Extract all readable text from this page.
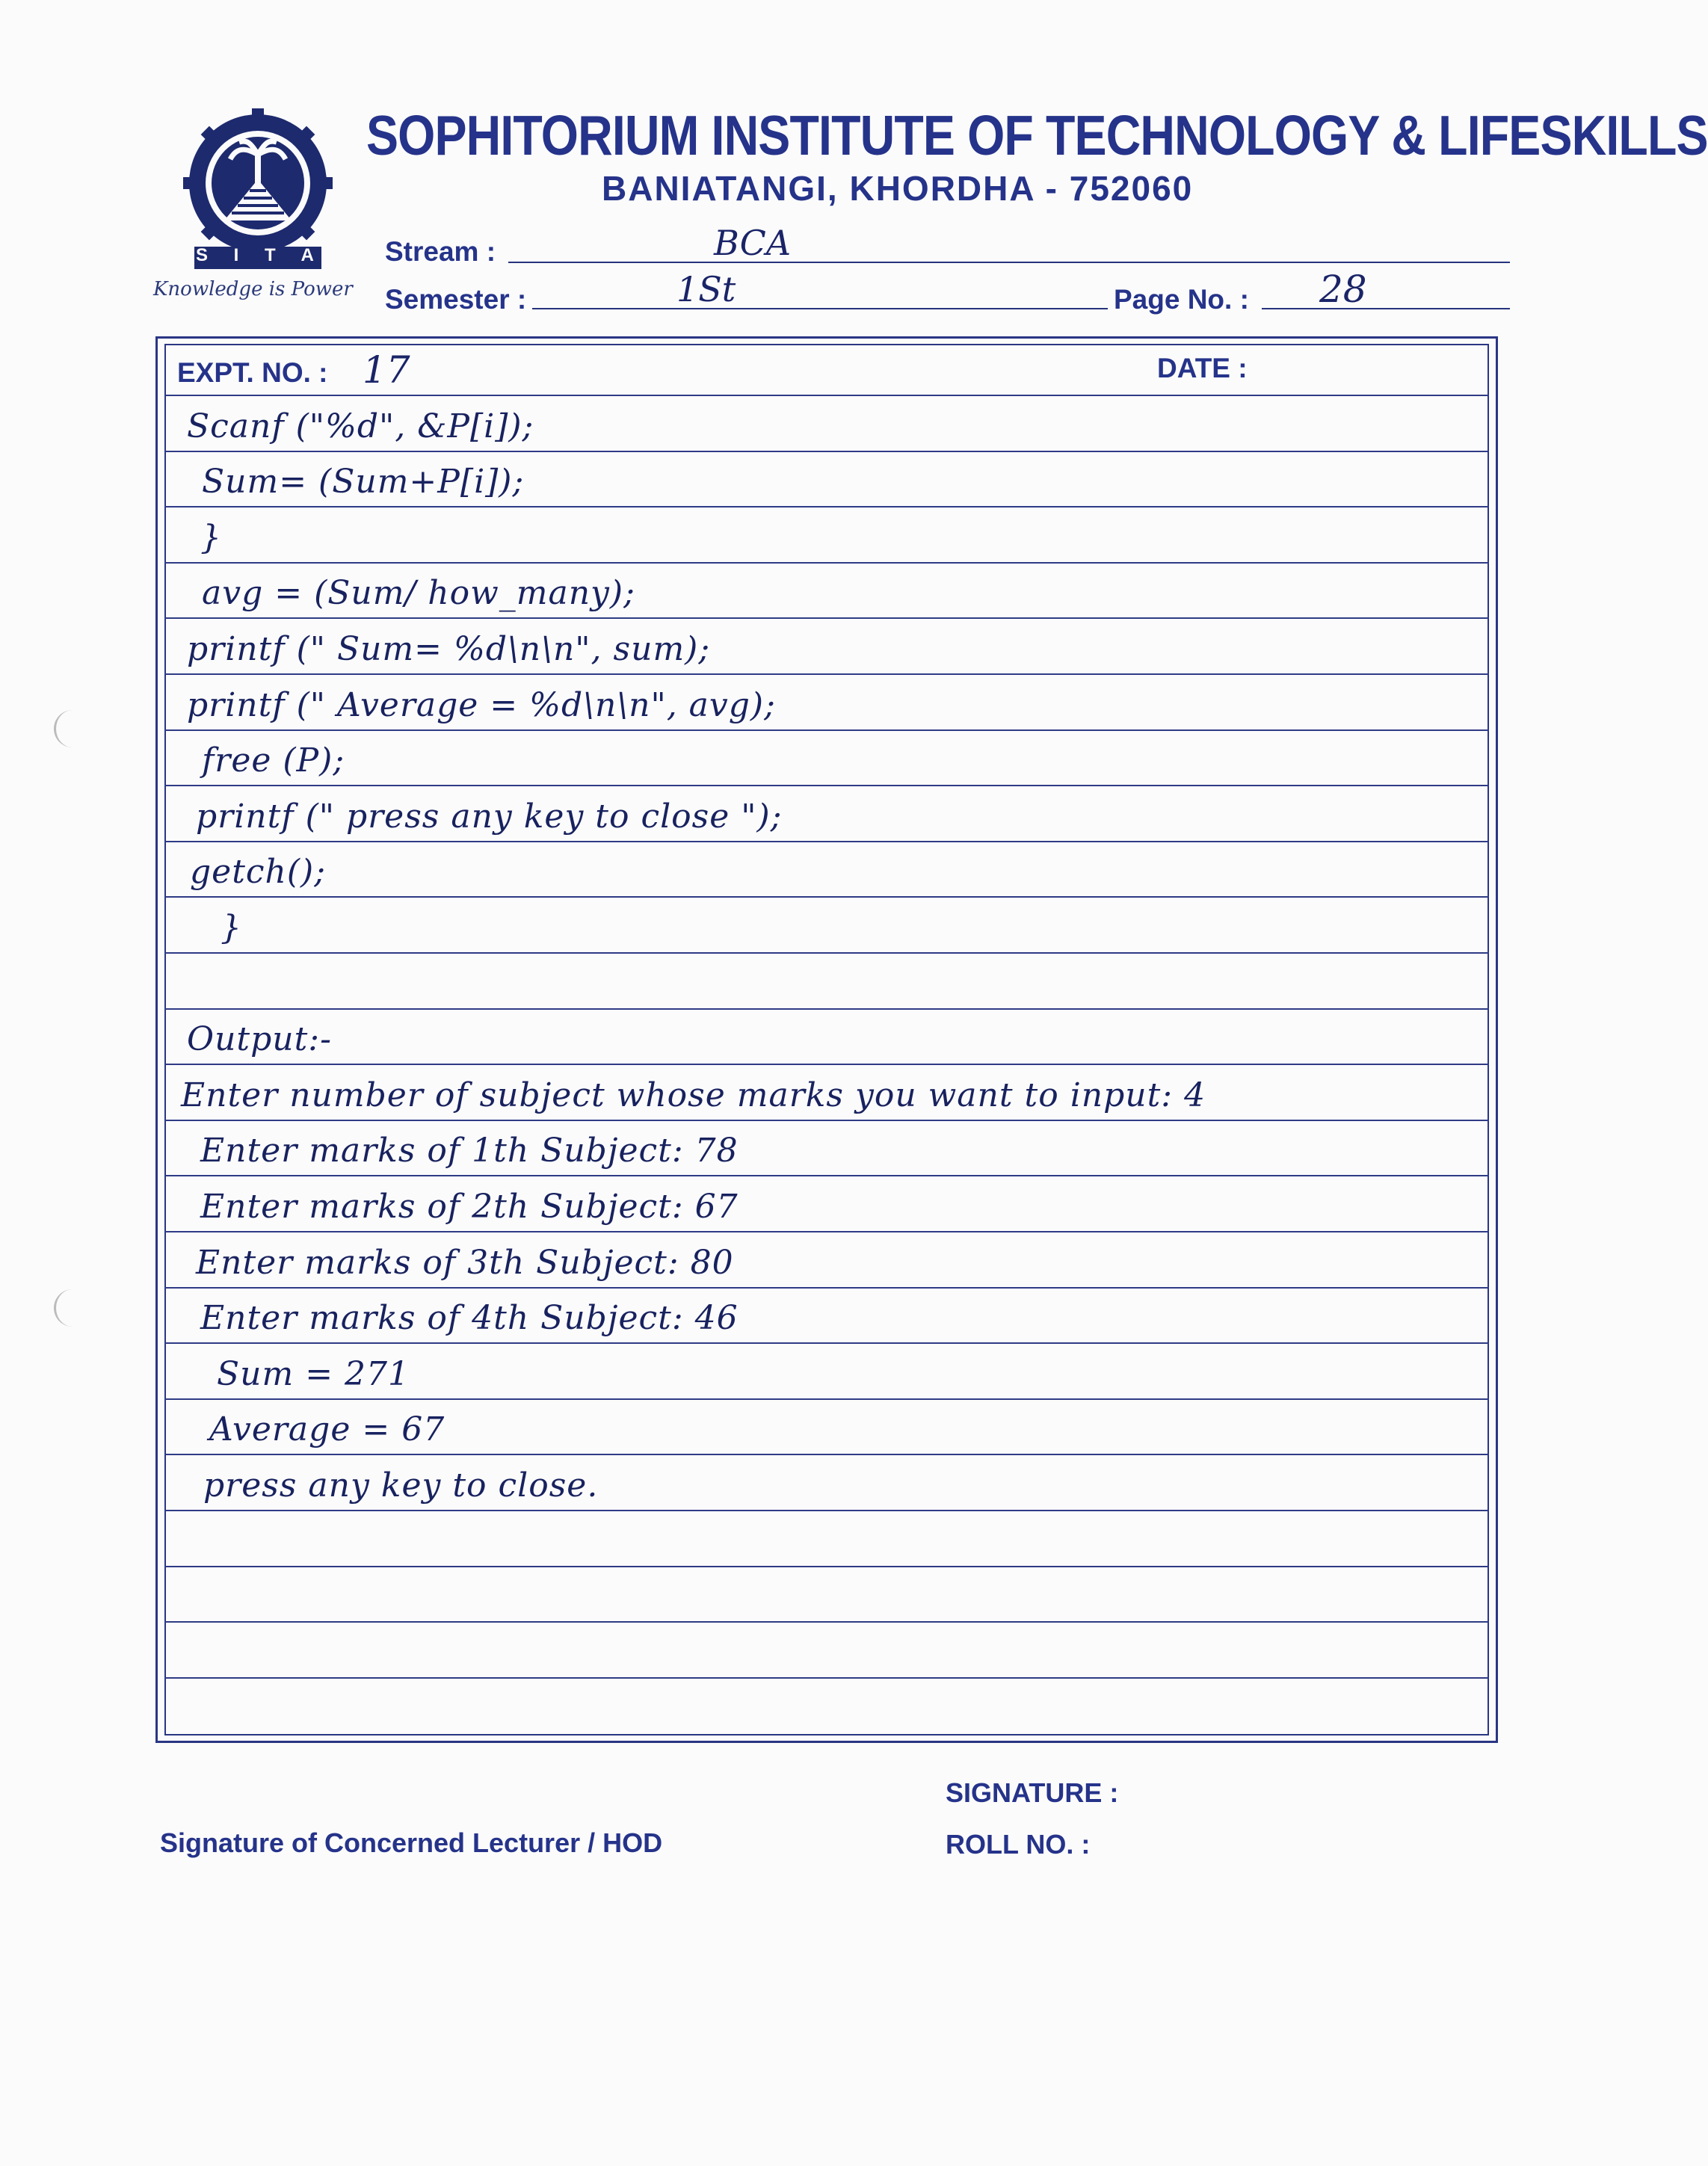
S I T A L
Knowledge is Power
SOPHITORIUM INSTITUTE OF TECHNOLOGY & LIFESKILLS
BANIATANGI, KHORDHA - 752060
Stream :	BCA
Semester :	1St	Page No. : 28
EXPT. NO. : 17	DATE :
Scanf ("%d", &P[i]);
Sum= (Sum+P[i]);
}
avg = (Sum/ how_many);
printf (" Sum= %d\n\n", sum);
printf (" Average = %d\n\n", avg);
free (P);
printf (" press any key to close ");
getch();
}
Output:-
Enter number of subject whose marks you want to input: 4
Enter marks of 1th Subject: 78
Enter marks of 2th Subject: 67
Enter marks of 3th Subject: 80
Enter marks of 4th Subject: 46
Sum = 271
Average = 67
press any key to close.
SIGNATURE :
Signature of Concerned Lecturer / HOD	ROLL NO. :
